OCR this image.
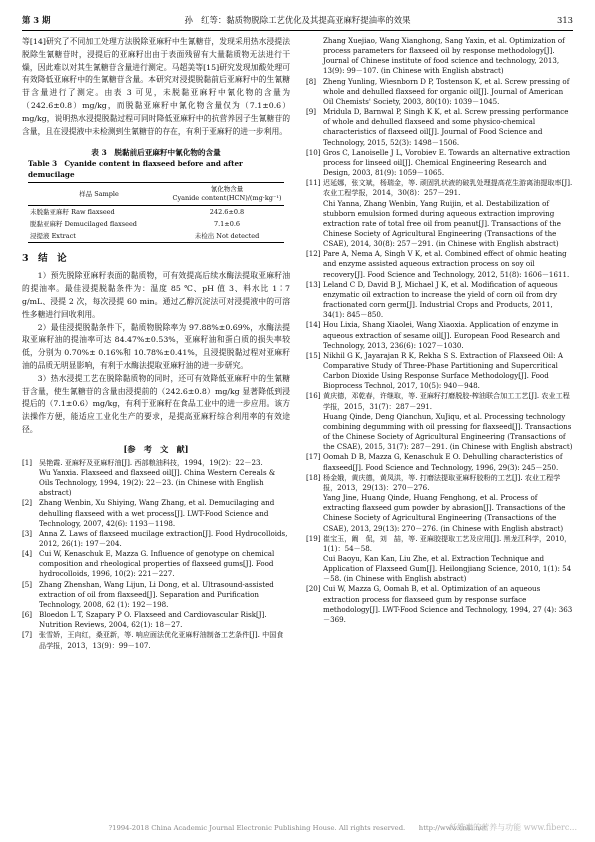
第 3 期	孙　红等：黏质物脱除工艺优化及其提高亚麻籽提油率的效果	313

等[14]研究了不同加工处理方法脱除亚麻籽中生氰糖苷，发现采用热水浸提法脱除生氰糖苷时，浸提后的亚麻籽出由于表面残留有大量黏质物无法进行干燥，因此难以对其生氰糖苷含量进行测定。马超美等[15]研究发现加酸处理可有效降低亚麻籽中的生氰糖苷含量。本研究对浸提脱黏前后亚麻籽中的生氰糖苷含量进行了测定。由表 3 可见，未脱黏亚麻籽中氰化物的含量为（242.6±0.8）mg/kg，而脱黏亚麻籽中氰化物含量仅为（7.1±0.6）mg/kg，说明热水浸提脱黏过程可同时降低亚麻籽中的抗营养因子生氰糖苷的含量，且在浸提液中未检测到生氰糖苷的存在，有利于亚麻籽的进一步利用。

表 3　脱黏前后亚麻籽中氰化物的含量
Table 3　Cyanide content in flaxseed before and after demucilage
样品 Sample	氰化物含量
Cyanide content(HCN)/(mg·kg⁻¹)

未脱黏亚麻籽 Raw flaxseed	242.6±0.8
脱黏亚麻籽 Demucilaged flaxseed	7.1±0.6
浸提液 Extract	未检出 Not detected
3　结　论

1）预先脱除亚麻籽表面的黏质物，可有效提高后续水酶法提取亚麻籽油的提油率。最佳浸提脱黏条件为：温度 85 ℃、pH 值 3、料水比 1∶7 g/mL、浸提 2 次，每次浸提 60 min。通过乙醇沉淀法可对浸提液中的可溶性多糖进行回收利用。

2）最佳浸提脱黏条件下，黏质物脱除率为 97.88%±0.69%，水酶法提取亚麻籽油的提油率可达 84.47%±0.53%，亚麻籽油和蛋白质的损失率较低，分别为 0.70%± 0.16%和 10.78%±0.41%，且浸提脱黏过程对亚麻籽油的品质无明显影响，有利于水酶法提取亚麻籽油的进一步研究。

3）热水浸提工艺在脱除黏质物的同时，还可有效降低亚麻籽中的生氰糖苷含量，使生氰糖苷的含量由浸提前的（242.6±0.8）mg/kg 显著降低到浸提后的（7.1±0.6）mg/kg，有利于亚麻籽在食品工业中的进一步应用。该方法操作方便，能适应工业化生产的要求，是提高亚麻籽综合利用率的有效途径。

[参　考　文　献]
[1] 吴艳霞. 亚麻籽及亚麻籽油[J]. 西部粮油科技，1994，19(2)：22－23.
Wu Yanxia. Flaxseed and flaxseed oil[J]. China Western Cereals & Oils Technology, 1994, 19(2): 22－23. (in Chinese with English abstract)
[2] Zhang Wenbin, Xu Shiying, Wang Zhang, et al. Demucilaging and dehulling flaxseed with a wet process[J]. LWT-Food Science and Technology, 2007, 42(6): 1193－1198.
[3] Anna Z. Laws of flaxseed mucilage extraction[J]. Food Hydrocolloids, 2012, 26(1): 197－204.
[4] Cui W, Kenaschuk E, Mazza G. Influence of genotype on chemical composition and rheological properties of flaxseed gums[J]. Food hydrocolloids, 1996, 10(2): 221－227.
[5] Zhang Zhenshan, Wang Lijun, Li Dong, et al. Ultrasound-assisted extraction of oil from flaxseed[J]. Separation and Purification Technology, 2008, 62 (1): 192－198.
[6] Bloedon L T, Szapary P O. Flaxseed and Cardiovascular Risk[J]. Nutrition Reviews, 2004, 62(1): 18－27.
[7] 张雪娇，王向红，桑亚新，等. 响应面法优化亚麻籽油制备工艺条件[J]. 中国食品学报，2013，13(9)：99－107.
Zhang Xuejiao, Wang Xianghong, Sang Yaxin, et al. Optimization of process parameters for flaxseed oil by response methodology[J]. Journal of Chinese institute of food science and technology, 2013, 13(9): 99－107. (in Chinese with English abstract)
[8] Zheng Yunling, Wiesnborn D P, Tostenson K, et al. Screw pressing of whole and dehulled flaxseed for organic oil[J]. Journal of American Oil Chemists' Society, 2003, 80(10): 1039－1045.
[9] Mridula D, Barnwal P, Singh K K, et al. Screw pressing performance of whole and dehulled flaxseed and some physico-chemical characteristics of flaxseed oil[J]. Journal of Food Science and Technology, 2015, 52(3): 1498－1506.
[10] Gros C, Lanoiselle J L, Vorobiev E. Towards an alternative extraction process for linseed oil[J]. Chemical Engineering Research and Design, 2003, 81(9): 1059－1065.
[11] 迟延娜，张文斌，杨瑞金，等. 顽固乳状液的破乳处理提高花生游离油提取率[J]. 农业工程学报，2014，30(8)：257－291.
Chi Yanna, Zhang Wenbin, Yang Ruijin, et al. Destabilization of stubborn emulsion formed during aqueous extraction improving extraction rate of total free oil from peanut[J]. Transactions of the Chinese Society of Agricultural Engineering (Transactions of the CSAE), 2014, 30(8): 257－291. (in Chinese with English abstract)
[12] Pare A, Nema A, Singh V K, et al. Combined effect of ohmic heating and enzyme assisted aqueous extraction process on soy oil recovery[J]. Food Science and Technology, 2012, 51(8): 1606－1611.
[13] Leland C D, David B J, Michael J K, et al. Modification of aqueous enzymatic oil extraction to increase the yield of corn oil from dry fractionated corn germ[J]. Industrial Crops and Products, 2011, 34(1): 845－850.
[14] Hou Lixia, Shang Xiaolei, Wang Xiaoxia. Application of enzyme in aqueous extraction of sesame oil[J]. European Food Research and Technology, 2013, 236(6): 1027－1030.
[15] Nikhil G K, Jayarajan R K, Rekha S S. Extraction of Flaxseed Oil: A Comparative Study of Three-Phase Partitioning and Supercritical Carbon Dioxide Using Response Surface Methodology[J]. Food Bioprocess Technol, 2017, 10(5): 940－948.
[16] 黄庆德，邓乾春，许继取，等. 亚麻籽打磨脱胶-榨油联合加工工艺[J]. 农业工程学报，2015，31(7)：287－291.
Huang Qinde, Deng Qianchun, XuJiqu, et al. Processing technology combining degumming with oil pressing for flaxseed[J]. Transactions of the Chinese Society of Agricultural Engineering (Transactions of the CSAE), 2015, 31(7): 287－291. (in Chinese with English abstract)
[17] Oomah D B, Mazza G, Kenaschuk E O. Dehulling characteristics of flaxseed[J]. Food Science and Technology, 1996, 29(3): 245－250.
[18] 杨金娥，黄庆德，黄凤洪，等. 打磨法提取亚麻籽胶粉的工艺[J]. 农业工程学报，2013，29(13)：270－276.
Yang Jine, Huang Qinde, Huang Fenghong, et al. Process of extracting flaxseed gum powder by abrasion[J]. Transactions of the Chinese Society of Agricultural Engineering (Transactions of the CSAE), 2013, 29(13): 270－276. (in Chinese with English abstract)
[19] 崔宝玉，阚　侃，刘　喆，等. 亚麻胶提取工艺及应用[J]. 黑龙江科学，2010，1(1)：54－58.
Cui Baoyu, Kan Kan, Liu Zhe, et al. Extraction Technique and Application of Flaxseed Gum[J]. Heilongjiang Science, 2010, 1(1): 54－58. (in Chinese with English abstract)
[20] Cui W, Mazza G, Oomah B, et al. Optimization of an aqueous extraction process for flaxseed gum by response surface methodology[J]. LWT-Food Science and Technology, 1994, 27 (4): 363－369.
?1994-2018 China Academic Journal Electronic Publishing House. All rights reserved.　　http://www.cnki.net
纤维素的营养与功能 www.fiberc...
